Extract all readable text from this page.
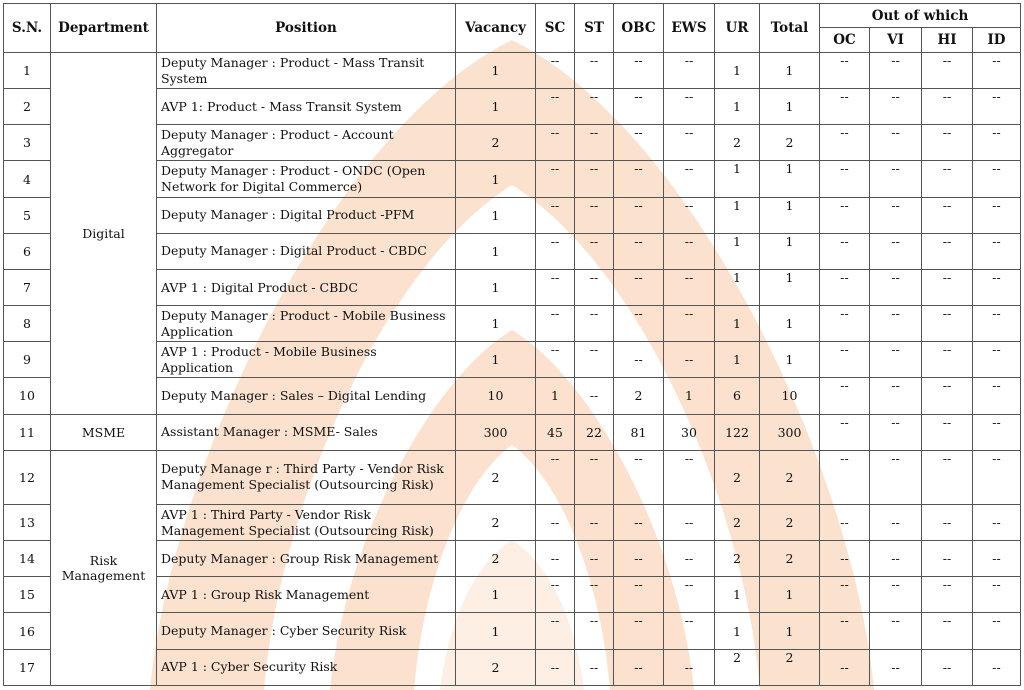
S.N.	Department	Position	Vacancy	SC	ST	OBC	EWS	UR	Total	Out of which			
										OC	VI	HI	ID
1	Digital	Deputy Manager : Product - Mass Transit System	1	--	--	--	--	1	1	--	--	--	--
2		AVP 1: Product - Mass Transit System	1	--	--	--	--	1	1	--	--	--	--
3		Deputy Manager : Product - Account Aggregator	2	--	--	--	--	2	2	--	--	--	--
4		Deputy Manager : Product - ONDC (Open Network for Digital Commerce)	1	--	--	--	--	1	1	--	--	--	--
5		Deputy Manager : Digital Product -PFM	1	--	--	--	--	1	1	--	--	--	--
6		Deputy Manager : Digital Product - CBDC	1	--	--	--	--	1	1	--	--	--	--
7		AVP 1 : Digital Product - CBDC	1	--	--	--	--	1	1	--	--	--	--
8		Deputy Manager : Product - Mobile Business Application	1	--	--	--	--	1	1	--	--	--	--
9		AVP 1 : Product - Mobile Business Application	1	--	--	--	--	1	1	--	--	--	--
10		Deputy Manager : Sales – Digital Lending	10	1	--	2	1	6	10	--	--	--	--
11	MSME	Assistant Manager : MSME- Sales	300	45	22	81	30	122	300	--	--	--	--
12	Risk Management	Deputy Manage r : Third Party - Vendor Risk Management Specialist (Outsourcing Risk)	2	--	--	--	--	2	2	--	--	--	--
13		AVP 1 : Third Party - Vendor Risk Management Specialist (Outsourcing Risk)	2	--	--	--	--	2	2	--	--	--	--
14		Deputy Manager : Group Risk Management	2	--	--	--	--	2	2	--	--	--	--
15		AVP 1 : Group Risk Management	1	--	--	--	--	1	1	--	--	--	--
16		Deputy Manager : Cyber Security Risk	1	--	--	--	--	1	1	--	--	--	--
17		AVP 1 : Cyber Security Risk	2	--	--	--	--	2	2	--	--	--	--
